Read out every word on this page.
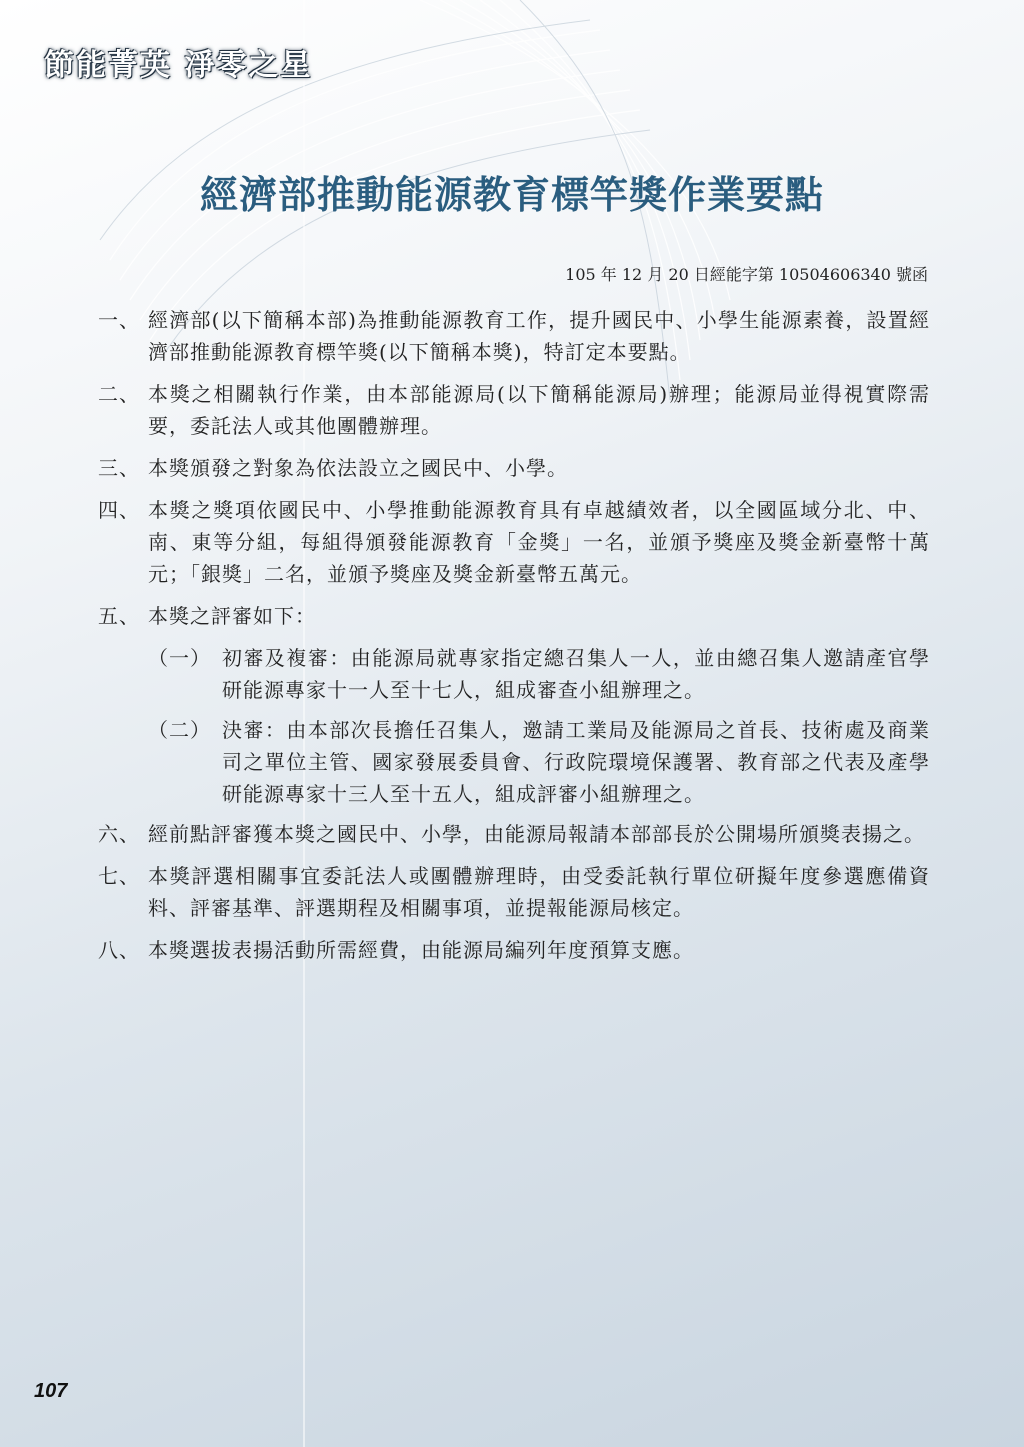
節能菁英 淨零之星
經濟部推動能源教育標竿獎作業要點
105 年 12 月 20 日經能字第 10504606340 號函
一、 經濟部(以下簡稱本部)為推動能源教育工作，提升國民中、小學生能源素養，設置經濟部推動能源教育標竿獎(以下簡稱本獎)，特訂定本要點。
二、 本獎之相關執行作業，由本部能源局(以下簡稱能源局)辦理；能源局並得視實際需要，委託法人或其他團體辦理。
三、 本獎頒發之對象為依法設立之國民中、小學。
四、 本獎之獎項依國民中、小學推動能源教育具有卓越績效者，以全國區域分北、中、南、東等分組，每組得頒發能源教育「金獎」一名，並頒予獎座及獎金新臺幣十萬元；「銀獎」二名，並頒予獎座及獎金新臺幣五萬元。
五、 本獎之評審如下：
（一） 初審及複審：由能源局就專家指定總召集人一人，並由總召集人邀請產官學研能源專家十一人至十七人，組成審查小組辦理之。
（二） 決審：由本部次長擔任召集人，邀請工業局及能源局之首長、技術處及商業司之單位主管、國家發展委員會、行政院環境保護署、教育部之代表及產學研能源專家十三人至十五人，組成評審小組辦理之。
六、 經前點評審獲本獎之國民中、小學，由能源局報請本部部長於公開場所頒獎表揚之。
七、 本獎評選相關事宜委託法人或團體辦理時，由受委託執行單位研擬年度參選應備資料、評審基準、評選期程及相關事項，並提報能源局核定。
八、 本獎選拔表揚活動所需經費，由能源局編列年度預算支應。
107
